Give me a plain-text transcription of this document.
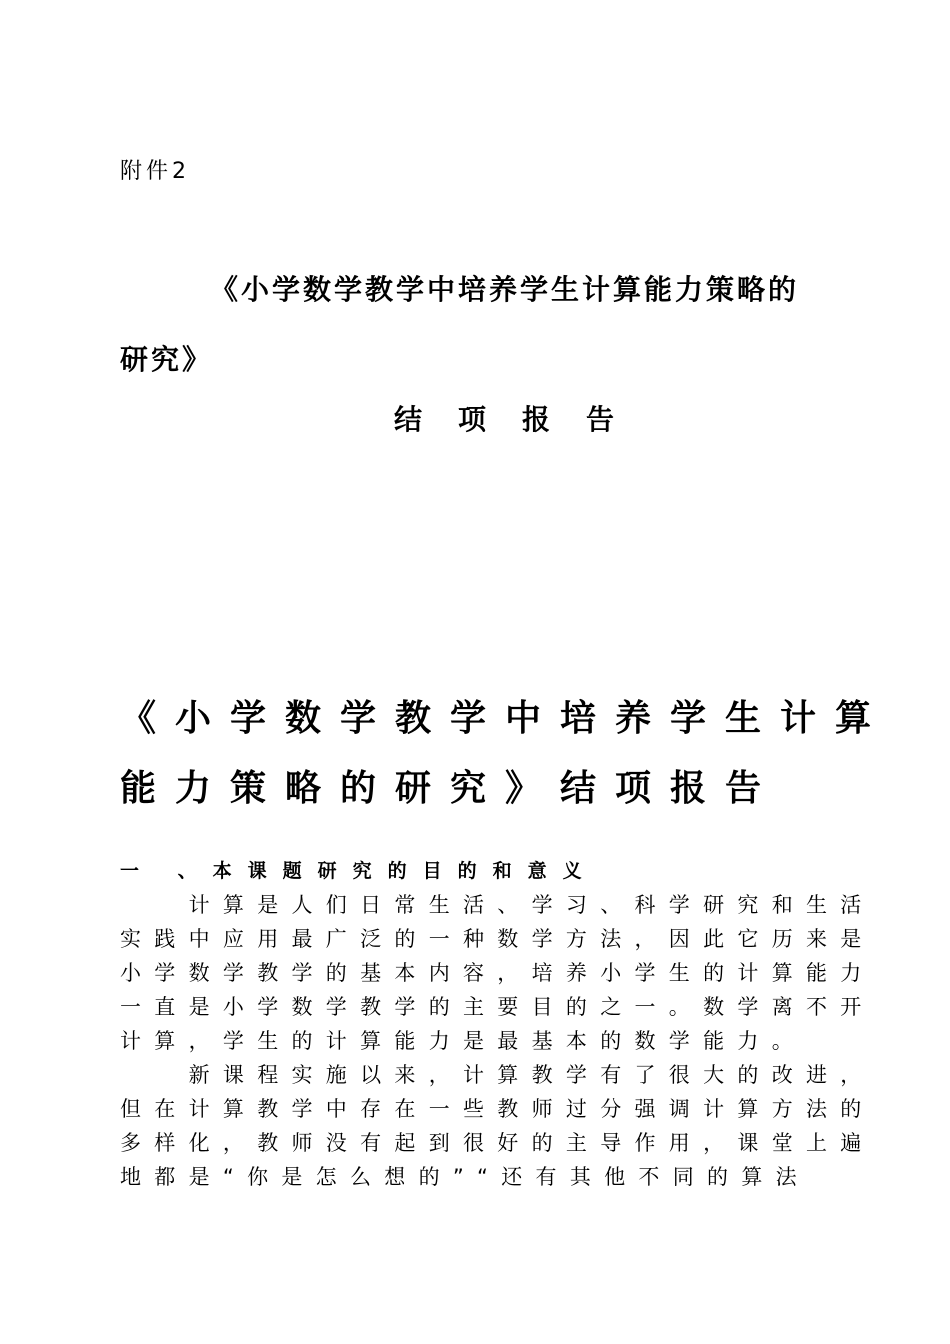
附件2
《小学数学教学中培养学生计算能力策略的
研究》
结项报告
《小学数学教学中培养学生计算
能力策略的研究》结项报告
一 、本课题研究的目的和意义
　　计算是人们日常生活、学习、科学研究和生活
实践中应用最广泛的一种数学方法，因此它历来是
小学数学教学的基本内容，培养小学生的计算能力
一直是小学数学教学的主要目的之一。数学离不开
计算，学生的计算能力是最基本的数学能力。
　　新课程实施以来，计算教学有了很大的改进，
但在计算教学中存在一些教师过分强调计算方法的
多样化，教师没有起到很好的主导作用，课堂上遍
地都是“你是怎么想的”“还有其他不同的算法
